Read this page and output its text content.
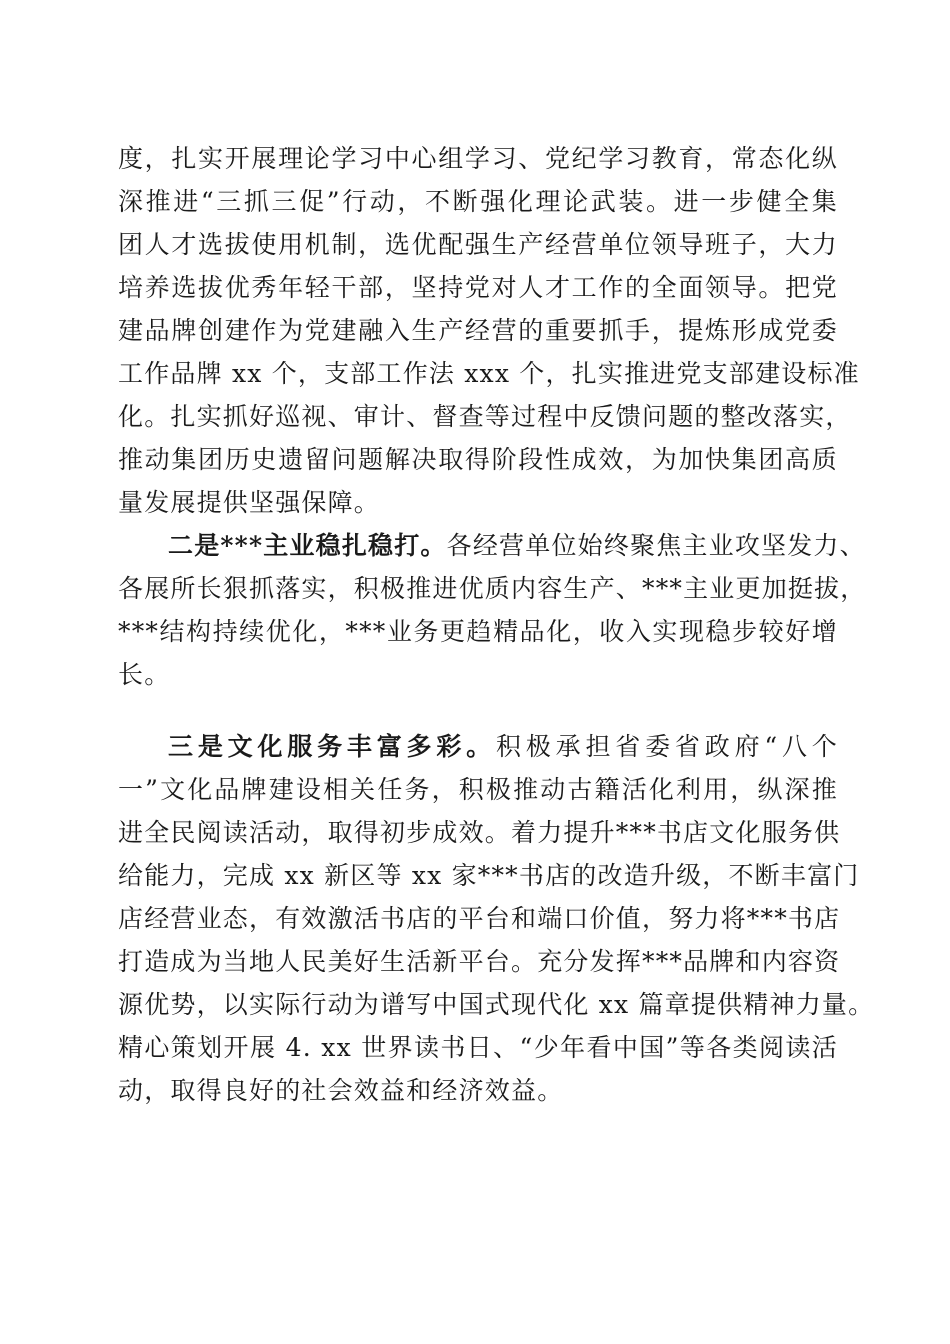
度，扎实开展理论学习中心组学习、党纪学习教育，常态化纵
深推进“三抓三促”行动，不断强化理论武装。进一步健全集
团人才选拔使用机制，选优配强生产经营单位领导班子，大力
培养选拔优秀年轻干部，坚持党对人才工作的全面领导。把党
建品牌创建作为党建融入生产经营的重要抓手，提炼形成党委
工作品牌 xx 个，支部工作法 xxx 个，扎实推进党支部建设标准
化。扎实抓好巡视、审计、督查等过程中反馈问题的整改落实，
推动集团历史遗留问题解决取得阶段性成效，为加快集团高质
量发展提供坚强保障。
二是***主业稳扎稳打。各经营单位始终聚焦主业攻坚发力、
各展所长狠抓落实，积极推进优质内容生产、***主业更加挺拔，
***结构持续优化，***业务更趋精品化，收入实现稳步较好增
长。
三是文化服务丰富多彩。积极承担省委省政府“八个
一”文化品牌建设相关任务，积极推动古籍活化利用，纵深推
进全民阅读活动，取得初步成效。着力提升***书店文化服务供
给能力，完成 xx 新区等 xx 家***书店的改造升级，不断丰富门
店经营业态，有效激活书店的平台和端口价值，努力将***书店
打造成为当地人民美好生活新平台。充分发挥***品牌和内容资
源优势，以实际行动为谱写中国式现代化 xx 篇章提供精神力量。
精心策划开展 4. xx 世界读书日、“少年看中国”等各类阅读活
动，取得良好的社会效益和经济效益。
